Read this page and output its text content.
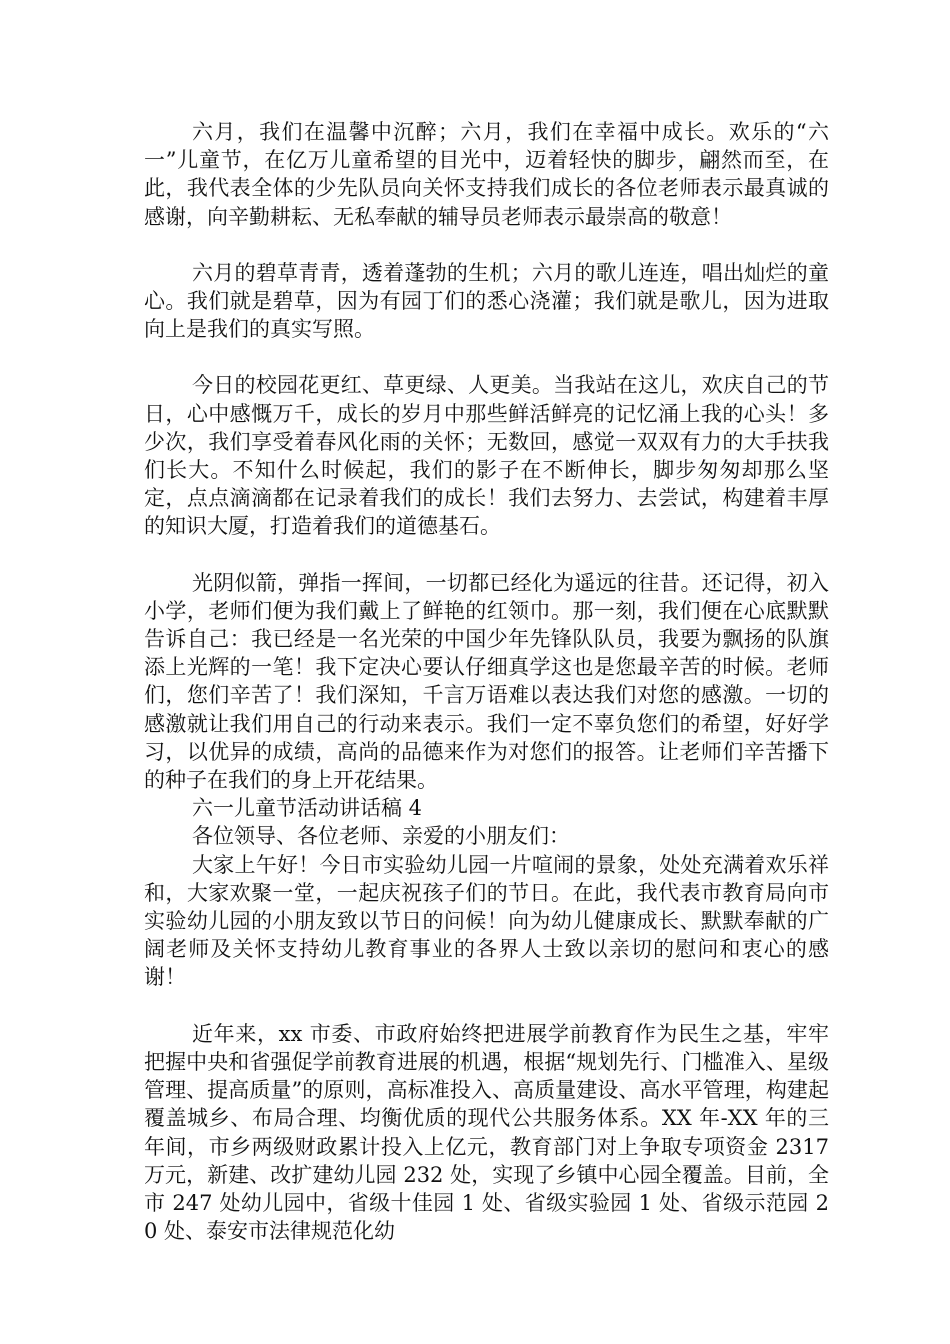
六月，我们在温馨中沉醉；六月，我们在幸福中成长。欢乐的“六一”儿童节，在亿万儿童希望的目光中，迈着轻快的脚步，翩然而至，在此，我代表全体的少先队员向关怀支持我们成长的各位老师表示最真诚的感谢，向辛勤耕耘、无私奉献的辅导员老师表示最崇高的敬意！

六月的碧草青青，透着蓬勃的生机；六月的歌儿连连，唱出灿烂的童心。我们就是碧草，因为有园丁们的悉心浇灌；我们就是歌儿，因为进取向上是我们的真实写照。

今日的校园花更红、草更绿、人更美。当我站在这儿，欢庆自己的节日，心中感慨万千，成长的岁月中那些鲜活鲜亮的记忆涌上我的心头！多少次，我们享受着春风化雨的关怀；无数回，感觉一双双有力的大手扶我们长大。不知什么时候起，我们的影子在不断伸长，脚步匆匆却那么坚定，点点滴滴都在记录着我们的成长！我们去努力、去尝试，构建着丰厚的知识大厦，打造着我们的道德基石。

光阴似箭，弹指一挥间，一切都已经化为遥远的往昔。还记得，初入小学，老师们便为我们戴上了鲜艳的红领巾。那一刻，我们便在心底默默告诉自己：我已经是一名光荣的中国少年先锋队队员，我要为飘扬的队旗添上光辉的一笔！我下定决心要认仔细真学这也是您最辛苦的时候。老师们，您们辛苦了！我们深知，千言万语难以表达我们对您的感激。一切的感激就让我们用自己的行动来表示。我们一定不辜负您们的希望，好好学习，以优异的成绩，高尚的品德来作为对您们的报答。让老师们辛苦播下的种子在我们的身上开花结果。

六一儿童节活动讲话稿 4

各位领导、各位老师、亲爱的小朋友们：

大家上午好！今日市实验幼儿园一片喧闹的景象，处处充满着欢乐祥和，大家欢聚一堂，一起庆祝孩子们的节日。在此，我代表市教育局向市实验幼儿园的小朋友致以节日的问候！向为幼儿健康成长、默默奉献的广阔老师及关怀支持幼儿教育事业的各界人士致以亲切的慰问和衷心的感谢！

近年来，xx 市委、市政府始终把进展学前教育作为民生之基，牢牢把握中央和省强促学前教育进展的机遇，根据“规划先行、门槛准入、星级管理、提高质量”的原则，高标准投入、高质量建设、高水平管理，构建起覆盖城乡、布局合理、均衡优质的现代公共服务体系。XX 年-XX 年的三年间，市乡两级财政累计投入上亿元，教育部门对上争取专项资金 2317 万元，新建、改扩建幼儿园 232 处，实现了乡镇中心园全覆盖。目前，全市 247 处幼儿园中，省级十佳园 1 处、省级实验园 1 处、省级示范园 20 处、泰安市法律规范化幼
